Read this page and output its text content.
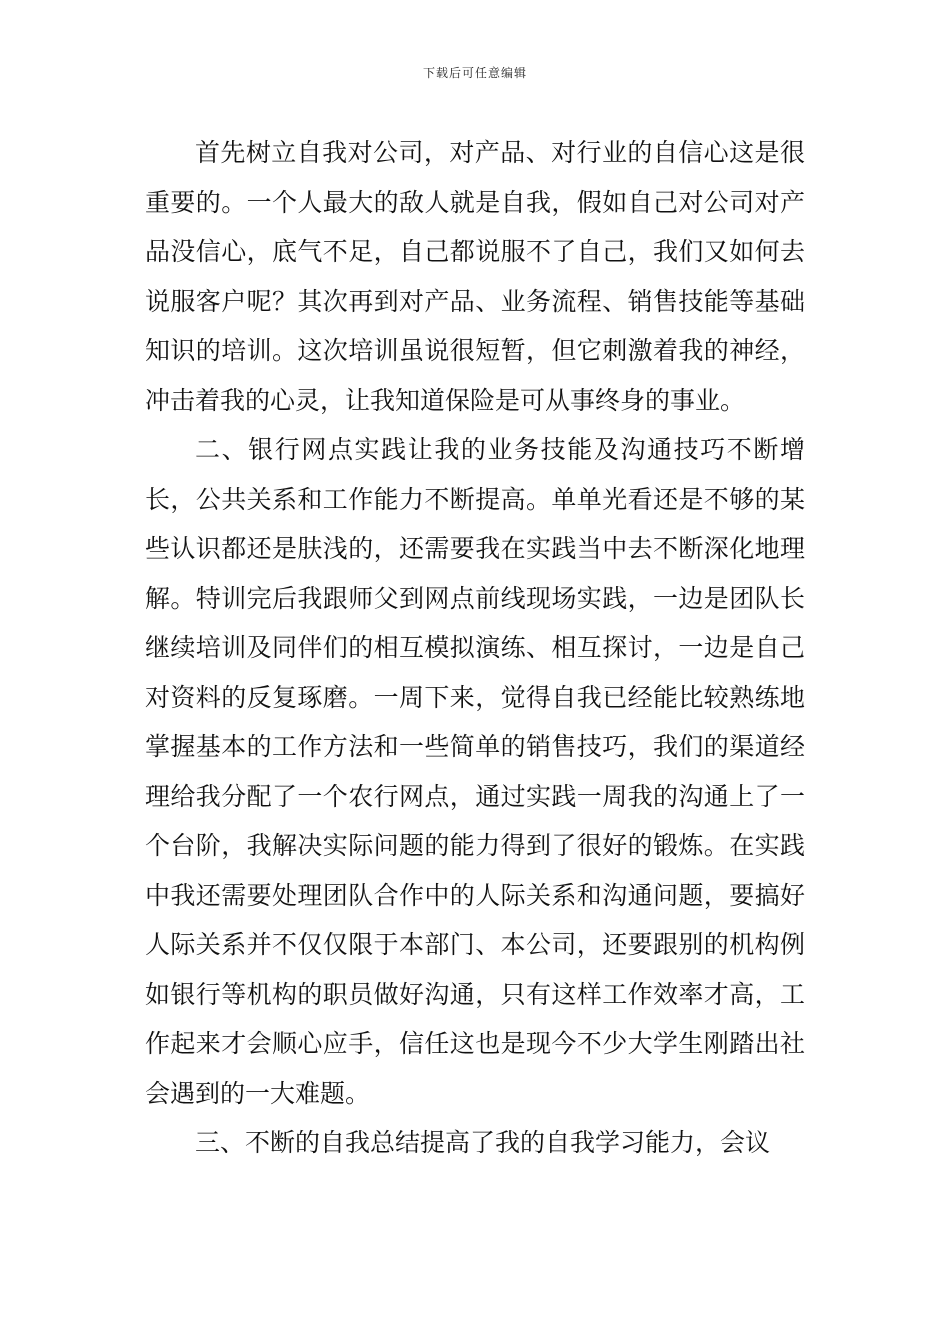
下载后可任意编辑

首先树立自我对公司，对产品、对行业的自信心这是很重要的。一个人最大的敌人就是自我，假如自己对公司对产品没信心，底气不足，自己都说服不了自己，我们又如何去说服客户呢？其次再到对产品、业务流程、销售技能等基础知识的培训。这次培训虽说很短暂，但它刺激着我的神经，冲击着我的心灵，让我知道保险是可从事终身的事业。

二、银行网点实践让我的业务技能及沟通技巧不断增长，公共关系和工作能力不断提高。单单光看还是不够的某些认识都还是肤浅的，还需要我在实践当中去不断深化地理解。特训完后我跟师父到网点前线现场实践，一边是团队长继续培训及同伴们的相互模拟演练、相互探讨，一边是自己对资料的反复琢磨。一周下来，觉得自我已经能比较熟练地掌握基本的工作方法和一些简单的销售技巧，我们的渠道经理给我分配了一个农行网点，通过实践一周我的沟通上了一个台阶，我解决实际问题的能力得到了很好的锻炼。在实践中我还需要处理团队合作中的人际关系和沟通问题，要搞好人际关系并不仅仅限于本部门、本公司，还要跟别的机构例如银行等机构的职员做好沟通，只有这样工作效率才高，工作起来才会顺心应手，信任这也是现今不少大学生刚踏出社会遇到的一大难题。

三、不断的自我总结提高了我的自我学习能力，会议
